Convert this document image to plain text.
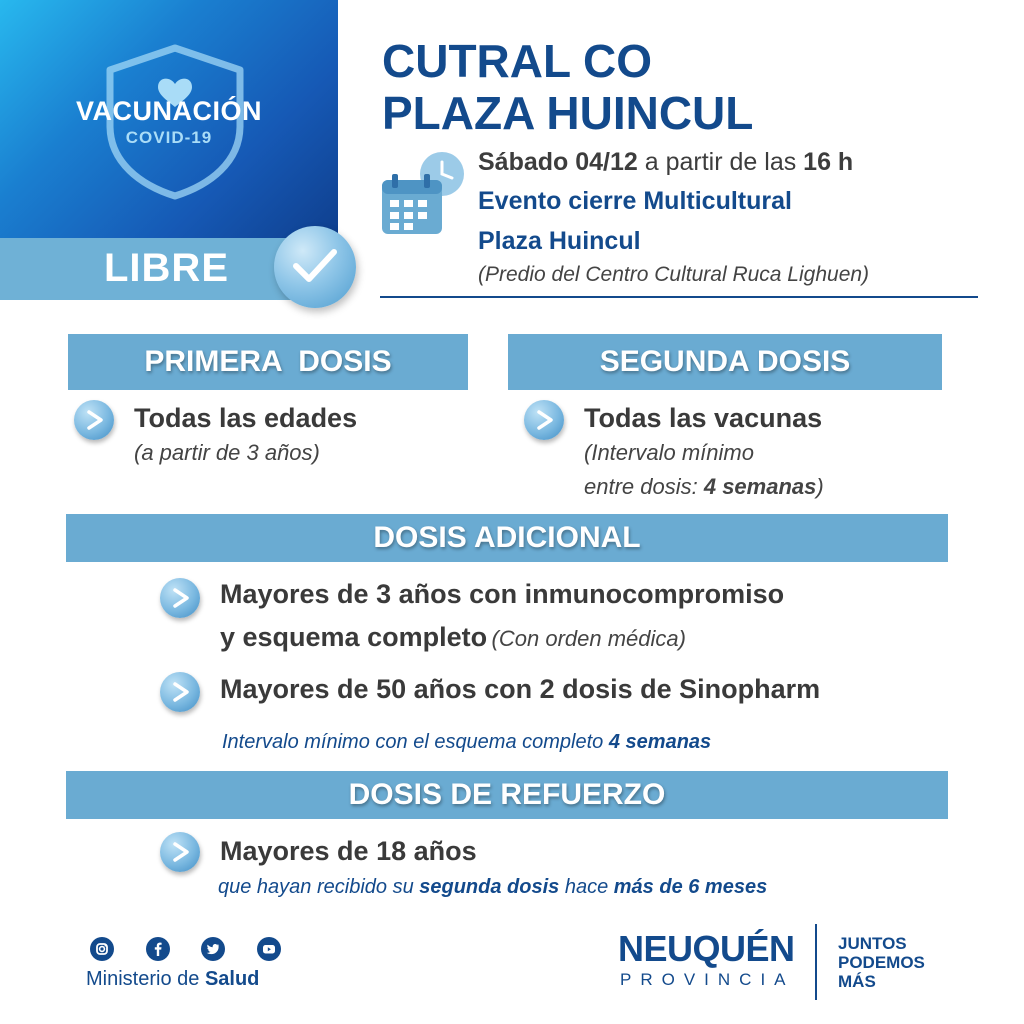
VACUNACIÓN
COVID-19
LIBRE
CUTRAL CO
PLAZA HUINCUL
Sábado 04/12 a partir de las 16 h
Evento cierre Multicultural
Plaza Huincul
(Predio del Centro Cultural Ruca Lighuen)
PRIMERA  DOSIS
Todas las edades
(a partir de 3 años)
SEGUNDA DOSIS
Todas las vacunas
(Intervalo mínimo
entre dosis: 4 semanas)
DOSIS ADICIONAL
Mayores de 3 años con inmunocompromiso
y esquema completo (Con orden médica)
Mayores de 50 años con 2 dosis de Sinopharm
Intervalo mínimo con el esquema completo 4 semanas
DOSIS DE REFUERZO
Mayores de 18 años
que hayan recibido su segunda dosis hace más de 6 meses
Ministerio de Salud
NEUQUÉN
PROVINCIA
JUNTOS
PODEMOS
MÁS
